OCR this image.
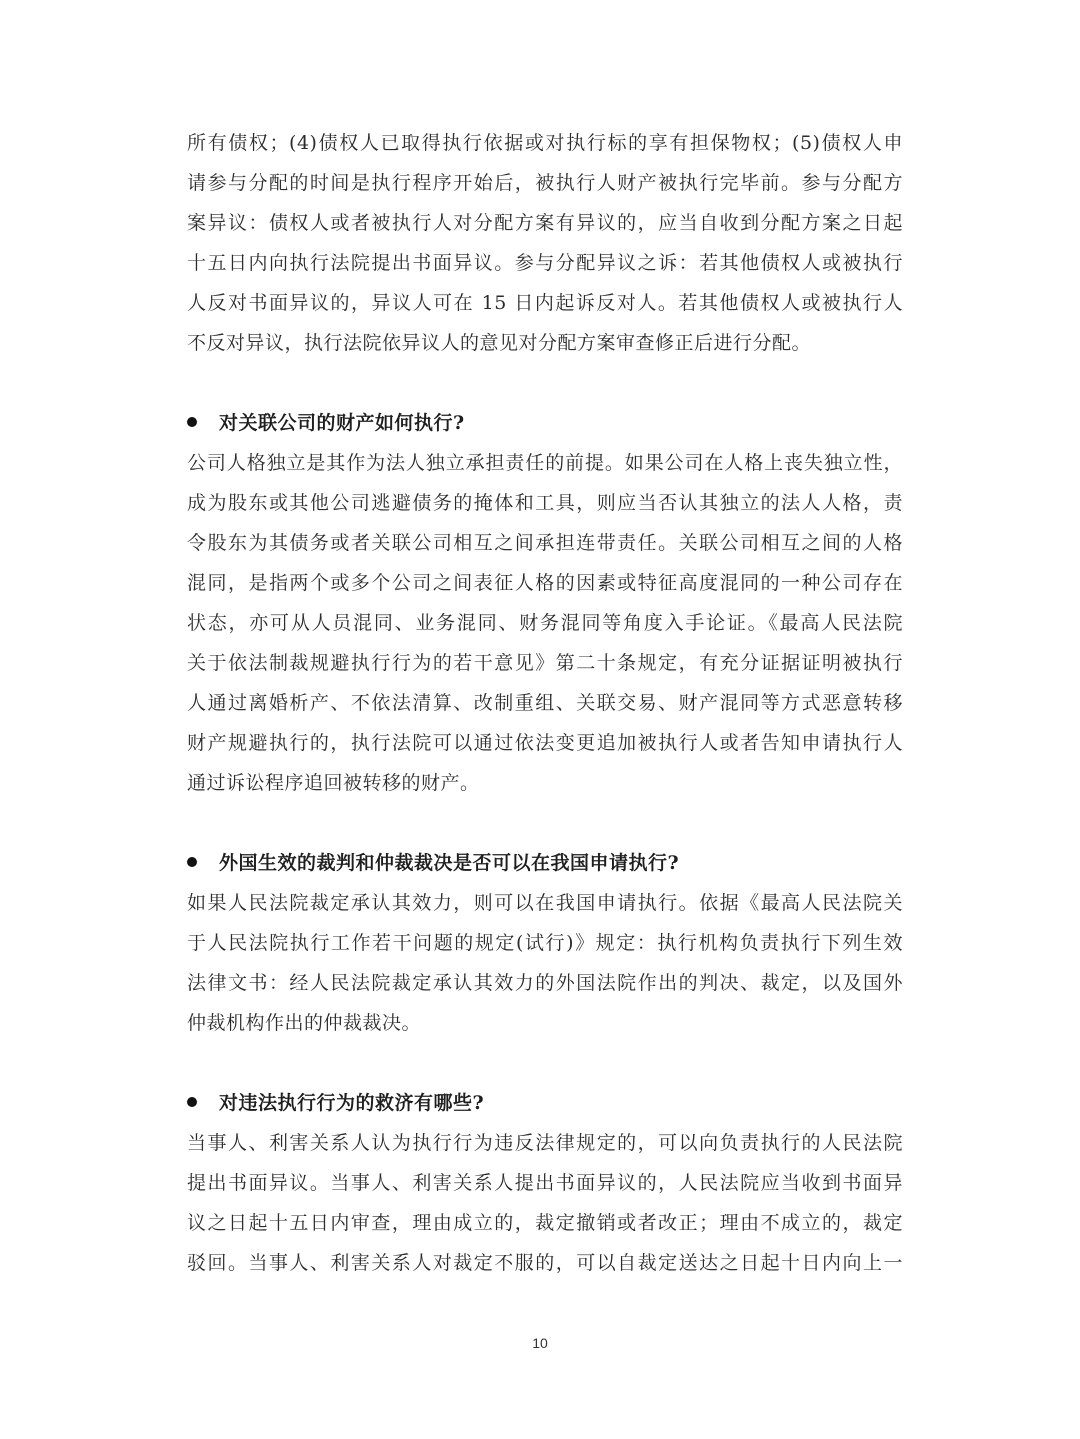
所有债权；(4)债权人已取得执行依据或对执行标的享有担保物权；(5)债权人申
请参与分配的时间是执行程序开始后，被执行人财产被执行完毕前。参与分配方
案异议：债权人或者被执行人对分配方案有异议的，应当自收到分配方案之日起
十五日内向执行法院提出书面异议。参与分配异议之诉：若其他债权人或被执行
人反对书面异议的，异议人可在 15 日内起诉反对人。若其他债权人或被执行人
不反对异议，执行法院依异议人的意见对分配方案审查修正后进行分配。
对关联公司的财产如何执行?
公司人格独立是其作为法人独立承担责任的前提。如果公司在人格上丧失独立性，
成为股东或其他公司逃避债务的掩体和工具，则应当否认其独立的法人人格，责
令股东为其债务或者关联公司相互之间承担连带责任。关联公司相互之间的人格
混同，是指两个或多个公司之间表征人格的因素或特征高度混同的一种公司存在
状态，亦可从人员混同、业务混同、财务混同等角度入手论证。《最高人民法院
关于依法制裁规避执行行为的若干意见》第二十条规定，有充分证据证明被执行
人通过离婚析产、不依法清算、改制重组、关联交易、财产混同等方式恶意转移
财产规避执行的，执行法院可以通过依法变更追加被执行人或者告知申请执行人
通过诉讼程序追回被转移的财产。
外国生效的裁判和仲裁裁决是否可以在我国申请执行?
如果人民法院裁定承认其效力，则可以在我国申请执行。依据《最高人民法院关
于人民法院执行工作若干问题的规定(试行)》规定：执行机构负责执行下列生效
法律文书：经人民法院裁定承认其效力的外国法院作出的判决、裁定，以及国外
仲裁机构作出的仲裁裁决。
对违法执行行为的救济有哪些?
当事人、利害关系人认为执行行为违反法律规定的，可以向负责执行的人民法院
提出书面异议。当事人、利害关系人提出书面异议的，人民法院应当收到书面异
议之日起十五日内审查，理由成立的，裁定撤销或者改正；理由不成立的，裁定
驳回。当事人、利害关系人对裁定不服的，可以自裁定送达之日起十日内向上一
10
